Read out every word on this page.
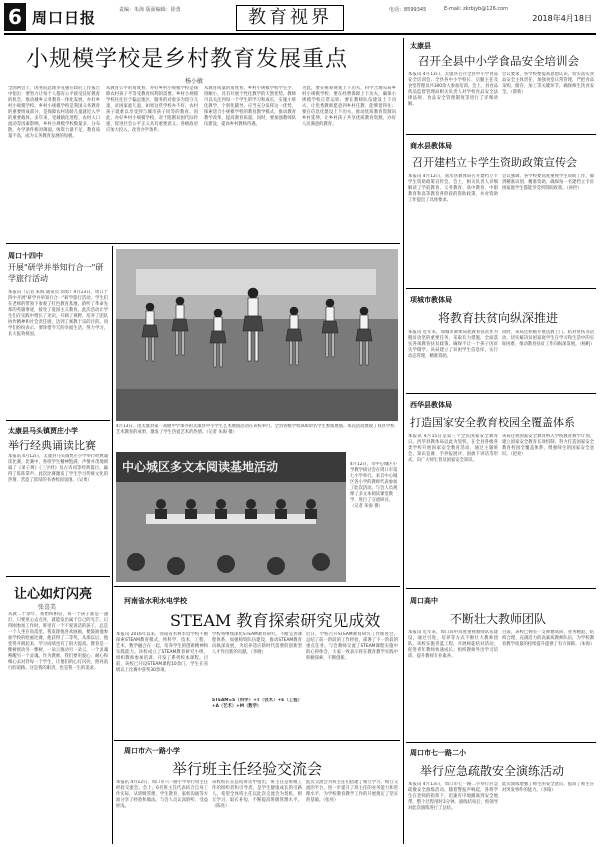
6 周口日报	责编：朱海 版面编辑：徐勇	电话：8599345	E-mail: zkrbjyb@126.com
教育视界	2018年4月18日
小规模学校是乡村教育发展重点
杨小敏
全国两会上，国务院总理李克强在政府工作报告中指出：要努力让每个人都有公平接受良好教育的机会，推动城乡义务教育一体化发展，办好乡村小规模学校。乡村小规模学校是我国义务教育的重要组成部分，是保障农村适龄儿童就近入学的重要载体。多年来，受城镇化进程、农村人口流动等因素影响，乡村小规模学校数量多、分布散，办学条件相对薄弱，师资力量不足，教育质量不高，成为义务教育发展的短板。
从教育公平的角度看，办好乡村小规模学校是保障农村孩子平等受教育权利的需要。乡村小规模学校往往位于偏远地区，服务的对象多为留守儿童、贫困家庭儿童，如果这些学校办不好，农村孩子就难以享受到与城市孩子同等的教育。因此，办好乡村小规模学校，对于阻断贫困代际传递、促进社会公平正义具有重要意义。各级政府应加大投入，改善办学条件。
从教育质量的角度看，乡村小规模学校学生少、班额小，具有开展个性化教学的天然优势。教师可以关注到每一个学生的学习和成长，实施小班化教学、个别化辅导。应当充分发挥这一优势，探索适合小规模学校的教育教学模式，推动教育教学改革，提高教育质量。同时，要加强教师队伍建设，提高乡村教师待遇。
为此，要在统筹规划上下功夫，科学合理布局乡村小规模学校；要在经费保障上下功夫，确保小规模学校正常运转；要在教师队伍建设上下功夫，让优秀教师愿意到乡村任教、能够留得住；要在信息化建设上下功夫，推动优质教育资源向乡村延伸，让乡村孩子共享优质教育资源，办好人民满意的教育。
周口十四中
开展"研学并举知行合一"研学旅行活动
本报讯（记者 朱海 通讯员 刘勇）4月13日，周口十四中开展"研学并举知行合一"研学旅行活动。学生们在老师的带领下参观了红色教育基地，聆听了革命先辈的英雄事迹，接受了爱国主义教育。此次活动让学生们在实践中增长了见识，开阔了视野，培养了团队协作精神和社会责任感，达到了寓教于乐的目的。同学们纷纷表示，要珍惜今天的幸福生活，努力学习，长大报效祖国。
太康县马头镇贾庄小学
举行经典诵读比赛
本报讯 4月12日，太康县马头镇贾庄小学举行经典诵读比赛。比赛中，各班学生精神饱满、声情并茂地朗诵了《弟子规》《三字经》及古诗词等经典篇目，赢得了阵阵掌声。此次比赛激发了学生学习传统文化的热情，营造了浓厚的书香校园氛围。（吴勇）
让心如灯闪亮
张喜美
从教二十余年，我始终相信，每一个孩子都是一盏灯，只要用心去点亮，就能发出属于自己的光芒。记得刚参加工作时，班里有一个不爱说话的孩子，总是一个人坐在角落里。我发现他喜欢画画，便鼓励他参加学校的绘画比赛，他获得了二等奖。从那以后，他变得开朗起来，学习成绩也有了很大提高。教育是一棵树摇动另一棵树，一朵云推动另一朵云，一个灵魂唤醒另一个灵魂。作为教师，我们要用爱心、耐心和细心去对待每一个学生，让他们的心灯闪亮，照亮前行的道路。这是我的职责，也是我一生的追求。
4月13日，由太康县第一高级中学承办的太康县中小学生艺术展演活动在该校举行。全县各级学校500余名学生参加展演。本次活动展现了我县学校艺术教育的成果，激发了学生热爱艺术的热情。（记者 朱海 摄）
中心城区多文本阅读基地活动	4月12日，市中心城区小学教学研讨会在周口市第七小学举行。来自中心城区各小学的教师代表参加了此次活动。与会人员观摩了多文本阅读课堂教学，进行了交流研讨。（记者 朱海 摄）
河南省水利水电学校
STEAM 教育探索研究见成效
本报讯 2016年以来，河南省水利水电学校不断探索STEAM教育模式，将科学、技术、工程、艺术、数学融合在一起，培养学生的创新精神和实践能力。该校成立了STEAM教育研究小组，组织教师参加培训，开发了系列校本课程。目前，该校已开设STEAM课程10余门，学生在省级以上比赛中获奖30余项。
学校将继续深化STEAM教育研究，不断完善课程体系，加强师资队伍建设，推动STEAM教育向纵深发展，为培养适应新时代需要的创新型人才作出新的贡献。（李晓）
近日，学校召开STEAM教育研究工作推进会，总结了前一阶段的工作经验，部署了下一阶段的重点任务。与会教师交流了STEAM课程实施中的心得体会，大家一致表示将在教育教学实践中积极探索，不断创新。
STEAM=S（科学）+T（技术）+E（工程）+A（艺术）+M（数学）
周口市六一路小学
举行班主任经验交流会
本报讯 4月12日，周口市六一路小学举行班主任经验交流会。会上，6名班主任代表结合自身工作实际，从班级管理、学生教育、家校沟通等方面分享了经验和做法。与会人员认真聆听，受益匪浅。
该校校长在总结讲话中指出，班主任是班级工作的组织者和引导者，是学生健康成长的引路人。希望全体班主任以此次交流会为契机，相互学习，取长补短，不断提高班级管理水平。（陈亮）
此次交流会为班主任们搭建了相互学习、相互交流的平台，进一步提升了班主任的业务能力和管理水平，为学校教育教学工作的开展奠定了坚实的基础。（张亮）
太康县
召开全县中小学食品安全培训会
本报讯 4月13日，太康县召开全县中小学食品安全培训会。全县各中小学校长、后勤主任及食堂管理员共300余人参加培训。会上，县食品药品监督管理局相关负责人对学校食品安全法律法规、食品安全管理制度等进行了详细讲解。
会议要求，各学校要提高思想认识，切实落实食品安全主体责任，加强食堂日常管理，严把食品采购、储存、加工等关键环节，确保师生饮食安全。（蔡新）
商水县教体局
召开建档立卡学生资助政策宣传会
本报讯 4月12日，商水县教体局召开建档立卡学生资助政策宣传会。会上，相关负责人详细解读了学前教育、义务教育、高中教育、中职教育和高等教育各阶段的资助政策，并对资助工作提出了具体要求。
会议强调，各学校要高度重视学生资助工作，做到精准识别、精准资助，确保每一名建档立卡贫困家庭学生都能享受到资助政策。（孙世）
项城市教体局
将教育扶贫向纵深推进
本报讯 近年来，项城市教体局把教育扶贫作为脱贫攻坚的重要任务，采取有力措施，全面落实各项教育扶贫政策，确保不让一个孩子因贫失学辍学。该局建立了贫困学生信息库，实行动态管理，精准资助。
同时，该局还积极开展送教上门、结对帮扶等活动，切实解决贫困家庭学生在学习和生活中的实际困难，推动教育扶贫工作向纵深发展。（杨帆）
西华县教体局
打造国家安全教育校园全覆盖体系
本报讯 4月15日是第三个全民国家安全教育日。西华县教体局以此为契机，在全县各级各类学校开展国家安全教育活动，通过主题班会、知识竞赛、手抄报展评、国旗下讲话等形式，向广大师生普及国家安全知识。
该局还将国家安全教育纳入学校教育教学计划，建立国家安全教育长效机制，努力打造国家安全教育校园全覆盖体系，增强师生的国家安全意识。（赵亮）
周口高中
不断壮大教师团队
本报讯 近年来，周口高中高度重视教师队伍建设，通过引进、培养等方式不断壮大教师团队。该校实施青蓝工程，开展师徒结对活动，促进青年教师快速成长；组织教师外出学习培训，提升教师专业素养。
目前，该校已拥有一支师德高尚、业务精湛、结构合理、充满活力的高素质教师队伍，为学校教育教学质量的持续提升提供了有力保障。（朱海）
周口市七一路二小
举行应急疏散安全演练活动
本报讯 4月13日，周口市七一路二小举行应急疏散安全演练活动。随着警报声响起，各班学生在老师的指挥下，迅速有序地撤离到安全地带，整个过程用时3分钟。演练结束后，校领导对此次演练进行了总结。
此次演练增强了师生的安全意识，提高了师生应对突发事件的能力。（李阳）
